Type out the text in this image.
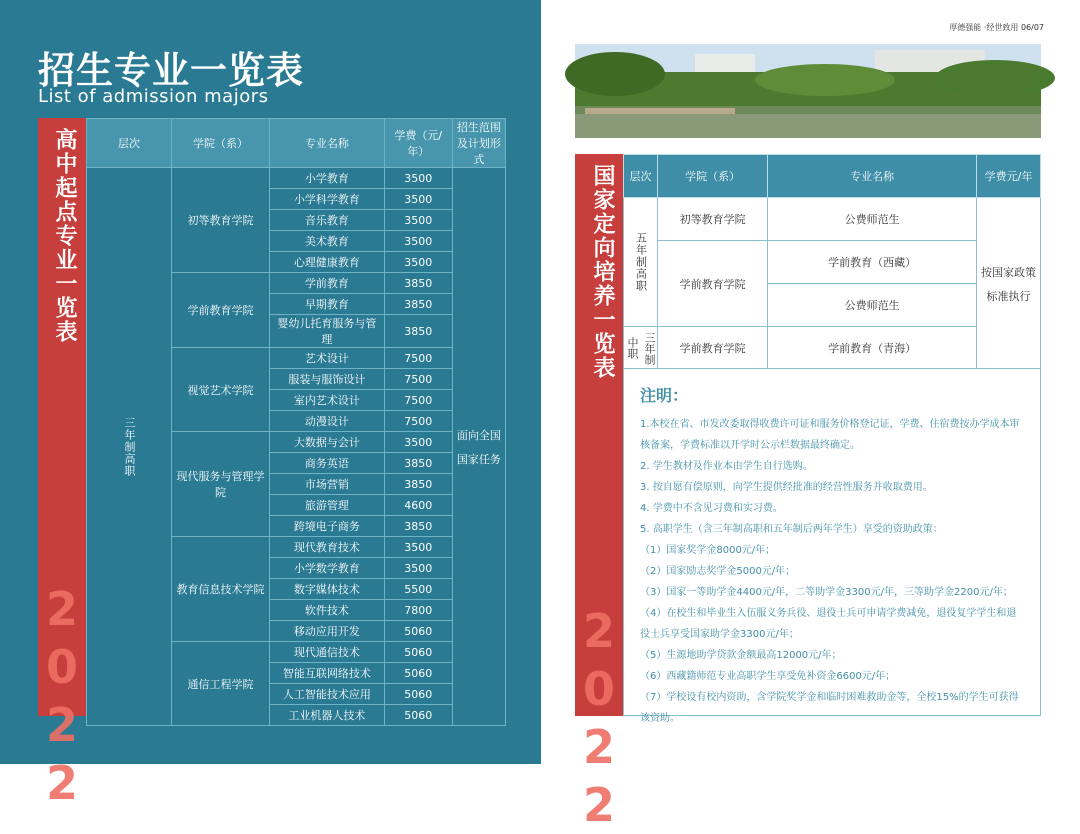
招生专业一览表
List of admission majors
高中起点专业一览表
2
0
2
2
层次	学院（系）	专业名称	学费（元/年）	招生范围及计划形式
三年制高职	初等教育学院	小学教育	3500	面向全国
国家任务

		小学科学教育	3500	
		音乐教育	3500	
		美术教育	3500	
		心理健康教育	3500	
	学前教育学院	学前教育	3850	
		早期教育	3850	
		婴幼儿托育服务与管理	3850	
	视觉艺术学院	艺术设计	7500	
		服装与服饰设计	7500	
		室内艺术设计	7500	
		动漫设计	7500	
	现代服务与管理学院	大数据与会计	3500	
		商务英语	3850	
		市场营销	3850	
		旅游管理	4600	
		跨境电子商务	3850	
	教育信息技术学院	现代教育技术	3500	
		小学数学教育	3500	
		数字媒体技术	5500	
		软件技术	7800	
		移动应用开发	5060	
	通信工程学院	现代通信技术	5060	
		智能互联网络技术	5060	
		人工智能技术应用	5060	
		工业机器人技术	5060	
厚德强能 ·经世致用 06/07
国家定向培养一览表
2
0
2
2
层次	学院（系）	专业名称	学费元/年
五年制高职	初等教育学院	公费师范生	按国家政策
标准执行

	学前教育学院	学前教育（西藏）	
		公费师范生	

中职 三年制	学前教育学院	学前教育（青海）	
注明：

1.本校在省、市发改委取得收费许可证和服务价格登记证，学费、住宿费按办学成本审核备案，学费标准以开学时公示栏数据最终确定。

2. 学生教材及作业本由学生自行选购。

3. 按自愿有偿原则，向学生提供经批准的经营性服务并收取费用。

4. 学费中不含见习费和实习费。

5. 高职学生（含三年制高职和五年制后两年学生）享受的资助政策：

（1）国家奖学金8000元/年；

（2）国家励志奖学金5000元/年；

（3）国家一等助学金4400元/年，二等助学金3300元/年，三等助学金2200元/年；

（4）在校生和毕业生入伍服义务兵役、退役士兵可申请学费减免，退役复学学生和退役士兵享受国家助学金3300元/年；

（5）生源地助学贷款金额最高12000元/年；

（6）西藏籍师范专业高职学生享受免补资金6600元/年；

（7）学校设有校内资助，含学院奖学金和临时困难救助金等，全校15%的学生可获得该资助。
